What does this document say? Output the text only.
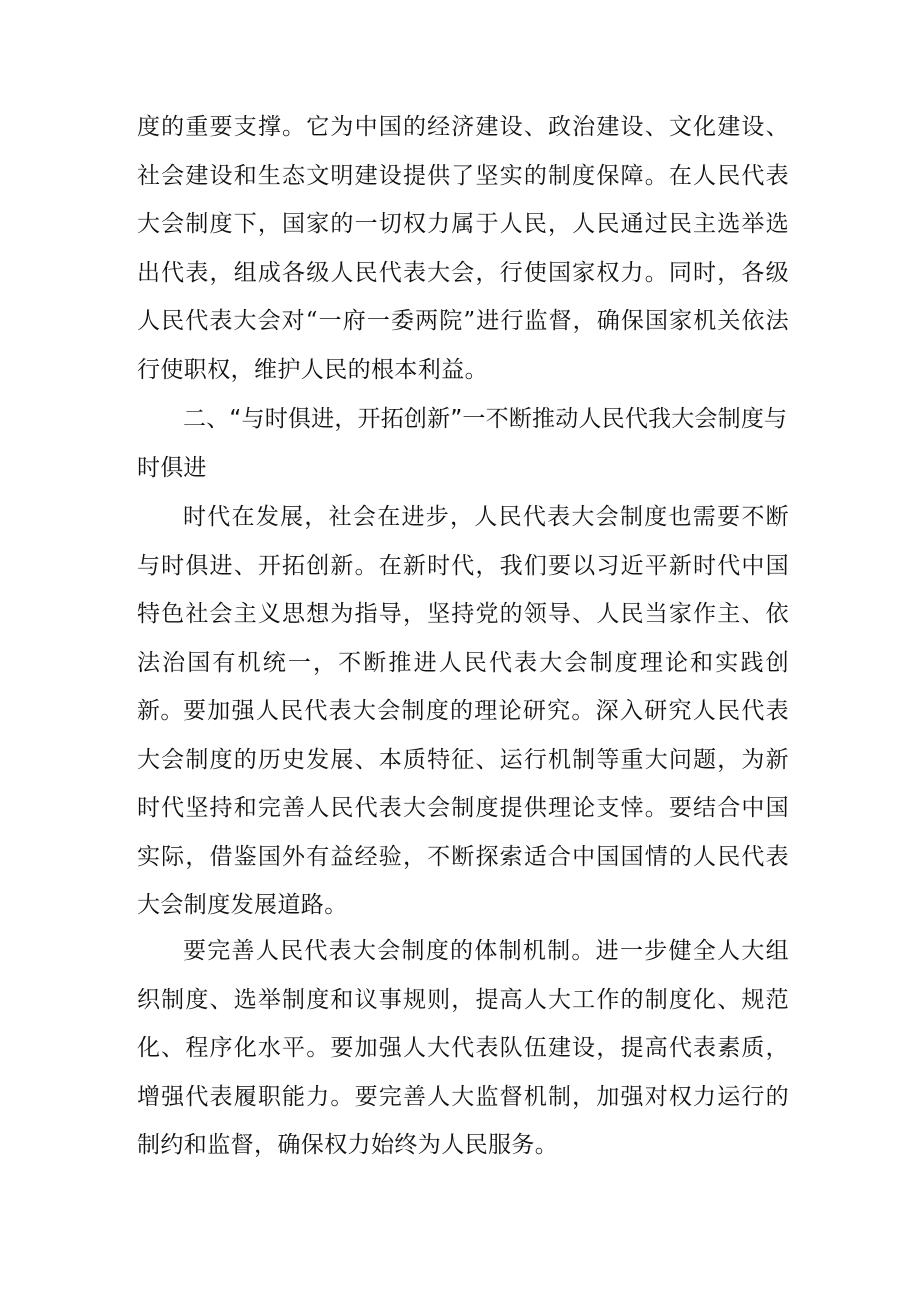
度的重要支撑。它为中国的经济建设、政治建设、文化建设、社会建设和生态文明建设提供了坚实的制度保障。在人民代表大会制度下，国家的一切权力属于人民，人民通过民主选举选出代表，组成各级人民代表大会，行使国家权力。同时，各级人民代表大会对“一府一委两院”进行监督，确保国家机关依法行使职权，维护人民的根本利益。

二、“与时俱进，开拓创新”一不断推动人民代我大会制度与时俱进

时代在发展，社会在进步，人民代表大会制度也需要不断与时俱进、开拓创新。在新时代，我们要以习近平新时代中国特色社会主义思想为指导，坚持党的领导、人民当家作主、依法治国有机统一，不断推进人民代表大会制度理论和实践创新。 要加强人民代表大会制度的理论研究。深入研究人民代表大会制度的历史发展、本质特征、运行机制等重大问题，为新时代坚持和完善人民代表大会制度提供理论支悻。要结合中国实际，借鉴国外有益经验，不断探索适合中国国情的人民代表大会制度发展道路。

要完善人民代表大会制度的体制机制。进一步健全人大组织制度、选举制度和议事规则，提高人大工作的制度化、规范化、程序化水平。要加强人大代表队伍建设，提高代表素质，增强代表履职能力。要完善人大监督机制，加强对权力运行的制约和监督，确保权力始终为人民服务。
